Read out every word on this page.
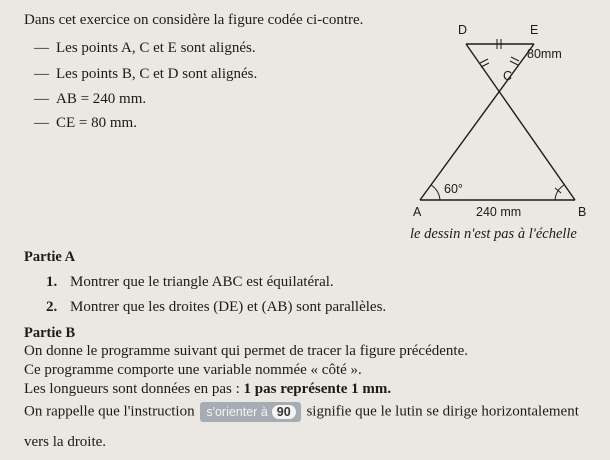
Dans cet exercice on considère la figure codée ci-contre.
— Les points A, C et E sont alignés.
— Les points B, C et D sont alignés.
— AB = 240 mm.
— CE = 80 mm.
D	E
C
A	B
80mm
240 mm
60°
le dessin n'est pas à l'échelle
Partie A
1. Montrer que le triangle ABC est équilatéral.
2. Montrer que les droites (DE) et (AB) sont parallèles.
Partie B
On donne le programme suivant qui permet de tracer la figure précédente.
Ce programme comporte une variable nommée « côté ».
Les longueurs sont données en pas : 1 pas représente 1 mm.
On rappelle que l'instruction s'orienter à 90 signifie que le lutin se dirige horizontalement
vers la droite.
